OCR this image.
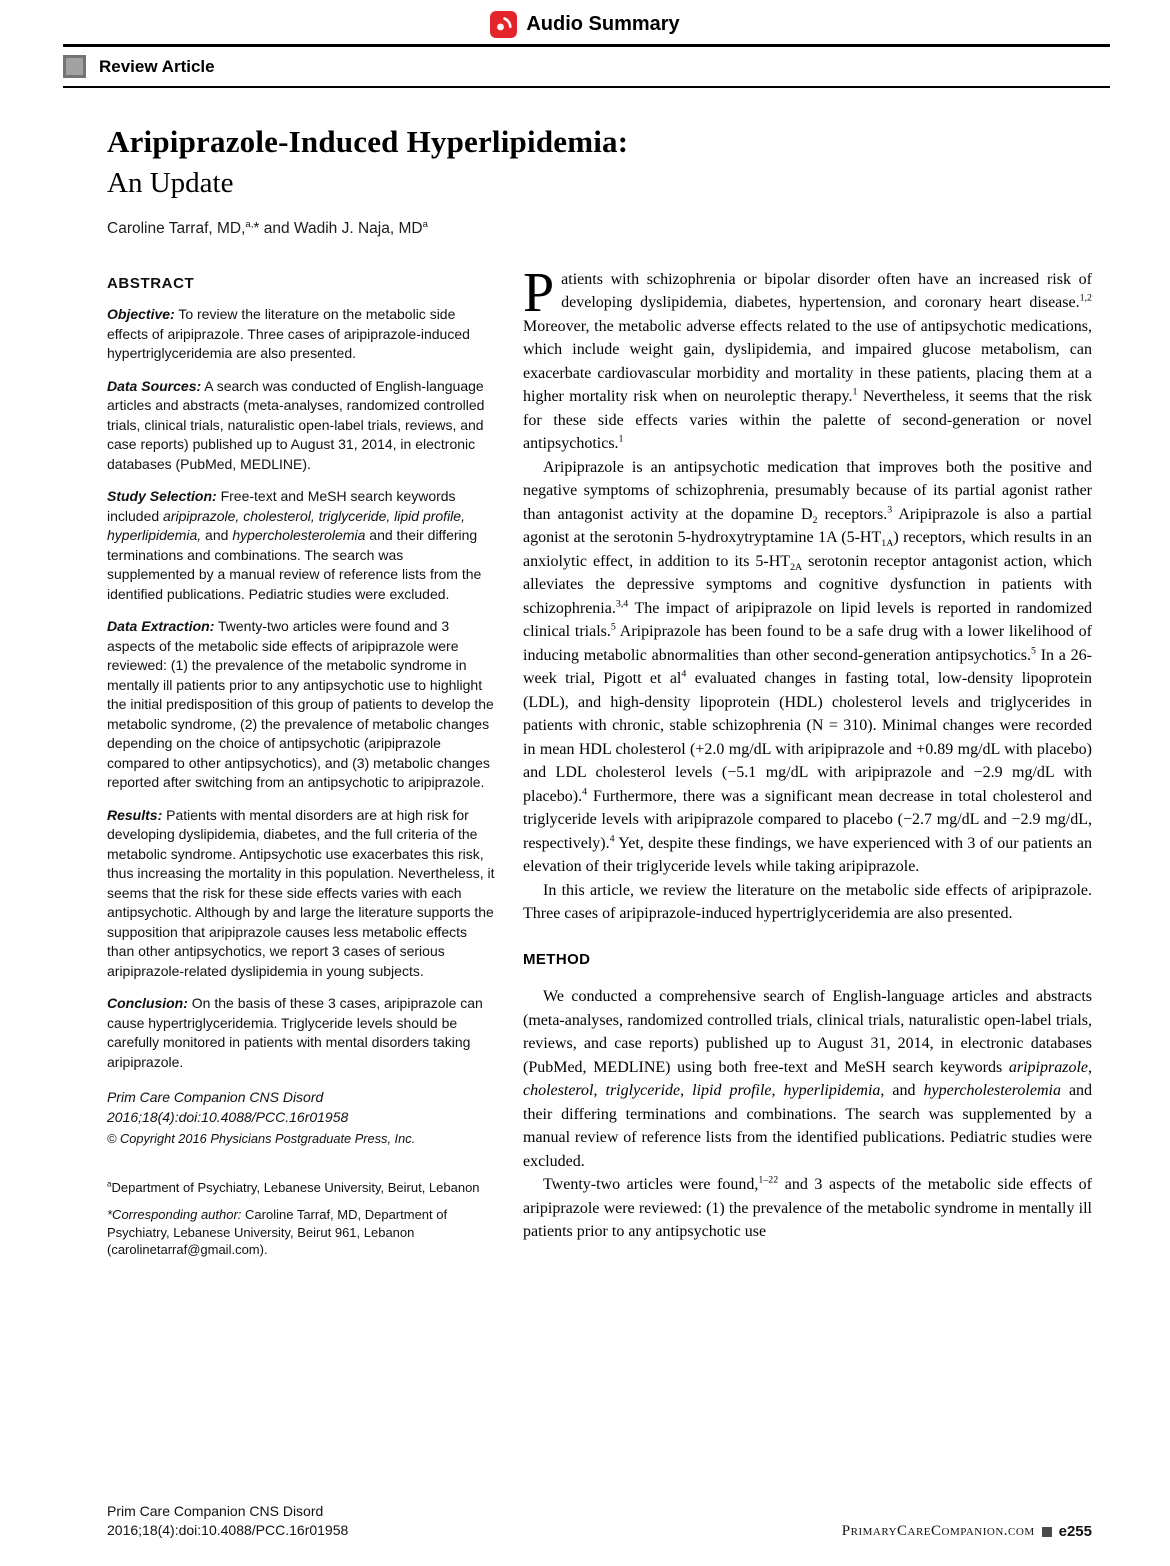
Audio Summary
Review Article
Aripiprazole-Induced Hyperlipidemia:
An Update
Caroline Tarraf, MD,$^{a,}$* and Wadih J. Naja, $MD^a$
ABSTRACT

Objective: To review the literature on the metabolic side effects of aripiprazole. Three cases of aripiprazole-induced hypertriglyceridemia are also presented.

Data Sources: A search was conducted of English-language articles and abstracts (meta-analyses, randomized controlled trials, clinical trials, naturalistic open-label trials, reviews, and case reports) published up to August 31, 2014, in electronic databases (PubMed, MEDLINE).

Study Selection: Free-text and MeSH search keywords included aripiprazole, cholesterol, triglyceride, lipid profile, hyperlipidemia, and hypercholesterolemia and their differing terminations and combinations. The search was supplemented by a manual review of reference lists from the identified publications. Pediatric studies were excluded.

Data Extraction: Twenty-two articles were found and 3 aspects of the metabolic side effects of aripiprazole were reviewed: (1) the prevalence of the metabolic syndrome in mentally ill patients prior to any antipsychotic use to highlight the initial predisposition of this group of patients to develop the metabolic syndrome, (2) the prevalence of metabolic changes depending on the choice of antipsychotic (aripiprazole compared to other antipsychotics), and (3) metabolic changes reported after switching from an antipsychotic to aripiprazole.

Results: Patients with mental disorders are at high risk for developing dyslipidemia, diabetes, and the full criteria of the metabolic syndrome. Antipsychotic use exacerbates this risk, thus increasing the mortality in this population. Nevertheless, it seems that the risk for these side effects varies with each antipsychotic. Although by and large the literature supports the supposition that aripiprazole causes less metabolic effects than other antipsychotics, we report 3 cases of serious aripiprazole-related dyslipidemia in young subjects.

Conclusion: On the basis of these 3 cases, aripiprazole can cause hypertriglyceridemia. Triglyceride levels should be carefully monitored in patients with mental disorders taking aripiprazole.

Prim Care Companion CNS Disord
2016;18(4):doi:10.4088/PCC.16r01958

© Copyright 2016 Physicians Postgraduate Press, Inc.

$^a$Department of Psychiatry, Lebanese University, Beirut, Lebanon

*Corresponding author: Caroline Tarraf, MD, Department of Psychiatry, Lebanese University, Beirut 961, Lebanon (carolinetarraf@gmail.com).

Patients with schizophrenia or bipolar disorder often have an increased risk of developing dyslipidemia, diabetes, hypertension, and coronary heart disease.$^{1,2}$ Moreover, the metabolic adverse effects related to the use of antipsychotic medications, which include weight gain, dyslipidemia, and impaired glucose metabolism, can exacerbate cardiovascular morbidity and mortality in these patients, placing them at a higher mortality risk when on neuroleptic therapy.$^1$ Nevertheless, it seems that the risk for these side effects varies within the palette of second-generation or novel antipsychotics.$^1$

Aripiprazole is an antipsychotic medication that improves both the positive and negative symptoms of schizophrenia, presumably because of its partial agonist rather than antagonist activity at the dopamine $D_2$ receptors.$^3$ Aripiprazole is also a partial agonist at the serotonin 5-hydroxytryptamine 1A $(5-HT_{1A})$ receptors, which results in an anxiolytic effect, in addition to its $5-HT_{2A}$ serotonin receptor antagonist action, which alleviates the depressive symptoms and cognitive dysfunction in patients with schizophrenia.$^{3,4}$ The impact of aripiprazole on lipid levels is reported in randomized clinical trials.$^5$ Aripiprazole has been found to be a safe drug with a lower likelihood of inducing metabolic abnormalities than other second-generation antipsychotics.$^5$ In a 26-week trial, Pigott et $al^4$ evaluated changes in fasting total, low-density lipoprotein (LDL), and high-density lipoprotein (HDL) cholesterol levels and triglycerides in patients with chronic, stable schizophrenia (N = 310). Minimal changes were recorded in mean HDL cholesterol (+2.0 mg/dL with aripiprazole and +0.89 mg/dL with placebo) and LDL cholesterol levels (−5.1 mg/dL with aripiprazole and −2.9 mg/dL with placebo).$^4$ Furthermore, there was a significant mean decrease in total cholesterol and triglyceride levels with aripiprazole compared to placebo (−2.7 mg/dL and −2.9 mg/dL, respectively).$^4$ Yet, despite these findings, we have experienced with 3 of our patients an elevation of their triglyceride levels while taking aripiprazole.

In this article, we review the literature on the metabolic side effects of aripiprazole. Three cases of aripiprazole-induced hypertriglyceridemia are also presented.

METHOD

We conducted a comprehensive search of English-language articles and abstracts (meta-analyses, randomized controlled trials, clinical trials, naturalistic open-label trials, reviews, and case reports) published up to August 31, 2014, in electronic databases (PubMed, MEDLINE) using both free-text and MeSH search keywords aripiprazole, cholesterol, triglyceride, lipid profile, hyperlipidemia, and hypercholesterolemia and their differing terminations and combinations. The search was supplemented by a manual review of reference lists from the identified publications. Pediatric studies were excluded.

Twenty-two articles were found,$^{1-22}$ and 3 aspects of the metabolic side effects of aripiprazole were reviewed: (1) the prevalence of the metabolic syndrome in mentally ill patients prior to any antipsychotic use

Prim Care Companion CNS Disord
2016;18(4):doi:10.4088/PCC.16r01958	PrimaryCareCompanion.com e255
